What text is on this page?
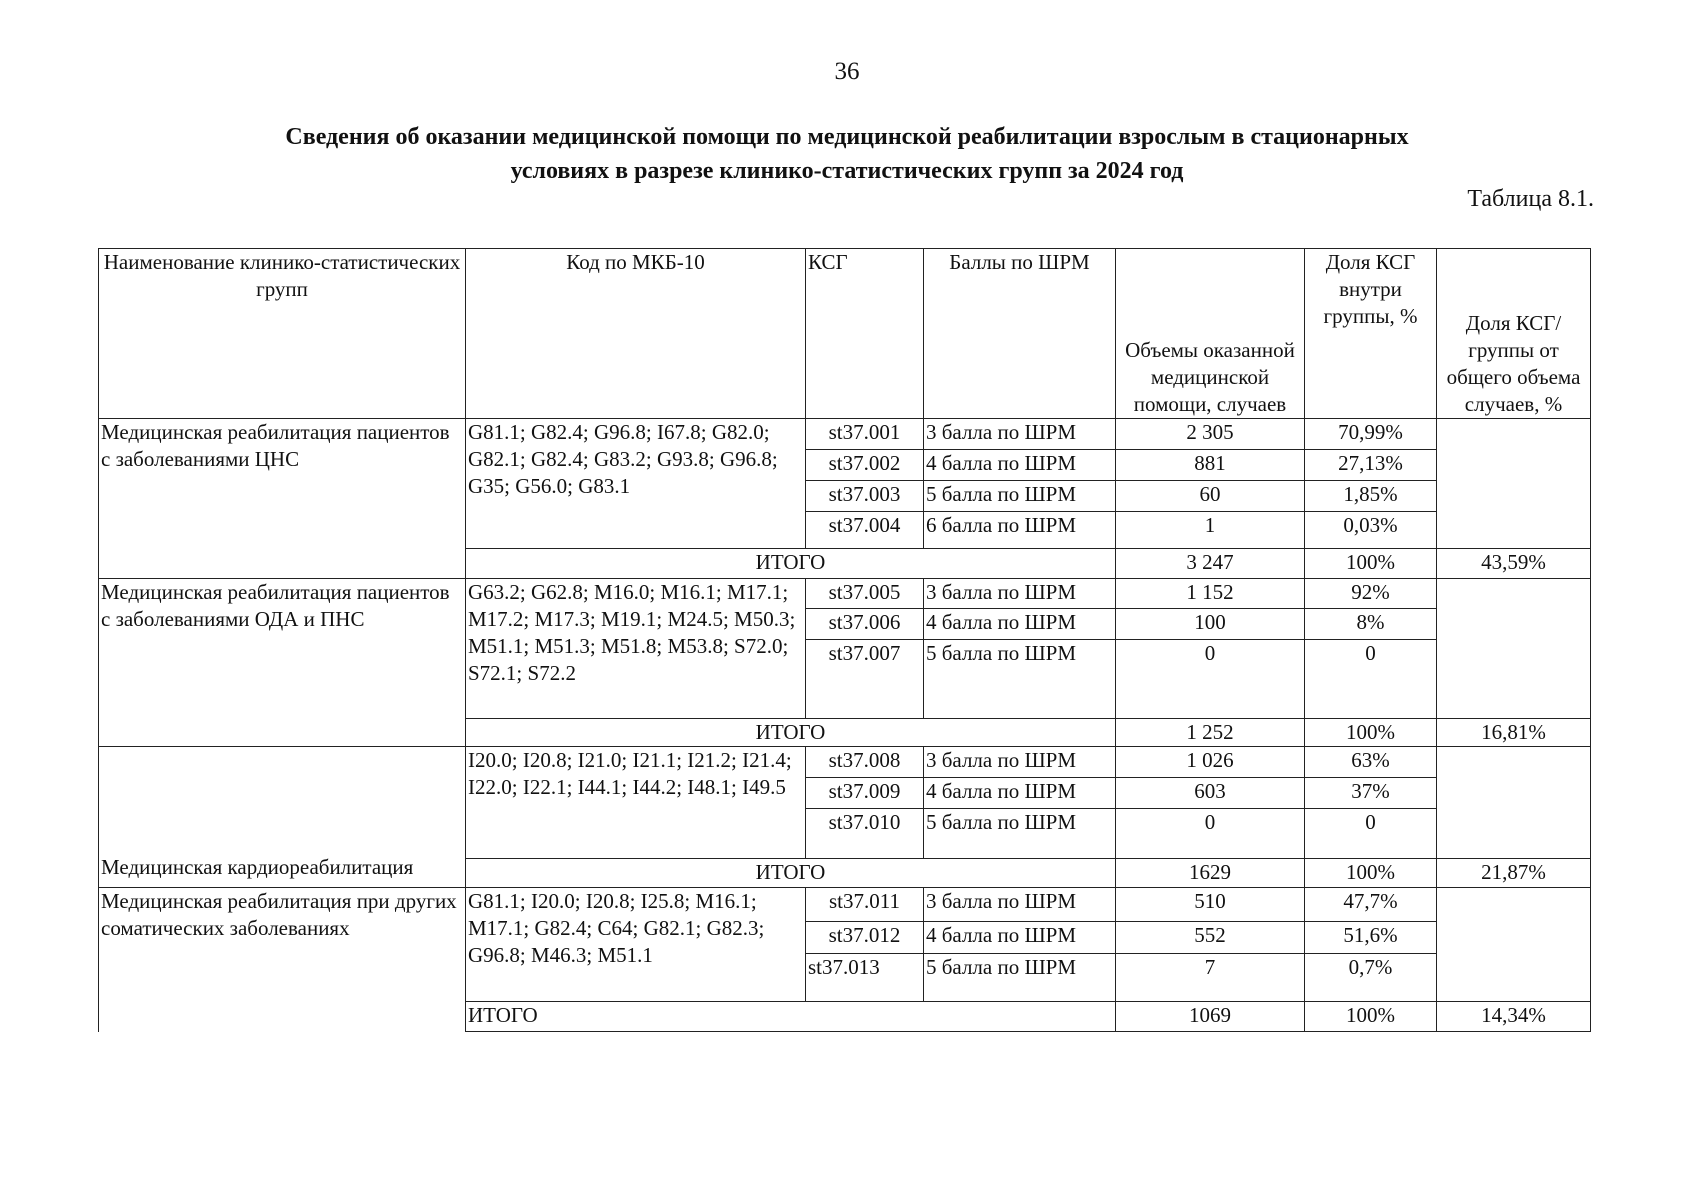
36
Сведения об оказании медицинской помощи по медицинской реабилитации взрослым в стационарных
условиях в разрезе клинико-статистических групп за 2024 год
Таблица 8.1.
Наименование клинико-статистических групп	Код по МКБ-10	КСГ	Баллы по ШРМ	Объемы оказанной медицинской помощи, случаев	Доля КСГ внутри группы, %	Доля КСГ/группы от общего объема случаев, %
Медицинская реабилитация пациентов с заболеваниями ЦНС	G81.1; G82.4; G96.8; I67.8; G82.0; G82.1; G82.4; G83.2; G93.8; G96.8; G35; G56.0; G83.1	st37.001	3 балла по ШРМ	2 305	70,99%	
		st37.002	4 балла по ШРМ	881	27,13%	
		st37.003	5 балла по ШРМ	60	1,85%	
		st37.004	6 балла по ШРМ	1	0,03%	
	ИТОГО			3 247	100%	43,59%
Медицинская реабилитация пациентов с заболеваниями ОДА и ПНС	G63.2; G62.8; M16.0; M16.1; M17.1; M17.2; M17.3; M19.1; M24.5; M50.3; M51.1; M51.3; M51.8; M53.8; S72.0; S72.1; S72.2	st37.005	3 балла по ШРМ	1 152	92%	
		st37.006	4 балла по ШРМ	100	8%	
		st37.007	5 балла по ШРМ	0	0	
	ИТОГО			1 252	100%	16,81%
Медицинская кардиореабилитация	I20.0; I20.8; I21.0; I21.1; I21.2; I21.4; I22.0; I22.1; I44.1; I44.2; I48.1; I49.5	st37.008	3 балла по ШРМ	1 026	63%	
		st37.009	4 балла по ШРМ	603	37%	
		st37.010	5 балла по ШРМ	0	0	
	ИТОГО			1629	100%	21,87%
Медицинская реабилитация при других соматических заболеваниях	G81.1; I20.0; I20.8; I25.8; M16.1; M17.1; G82.4; C64; G82.1; G82.3; G96.8; M46.3; M51.1	st37.011	3 балла по ШРМ	510	47,7%	
		st37.012	4 балла по ШРМ	552	51,6%	
		st37.013	5 балла по ШРМ	7	0,7%	
	ИТОГО			1069	100%	14,34%
